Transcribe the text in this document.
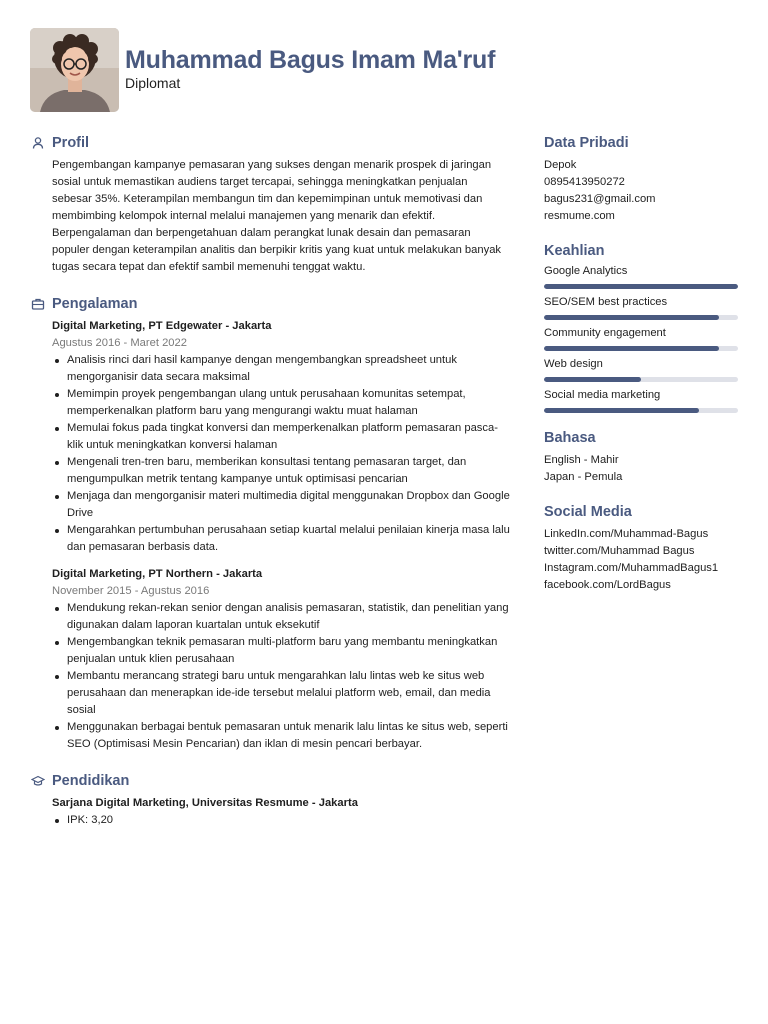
Muhammad Bagus Imam Ma'ruf
Diplomat
Profil

Pengembangan kampanye pemasaran yang sukses dengan menarik prospek di jaringan sosial untuk memastikan audiens target tercapai, sehingga meningkatkan penjualan sebesar 35%. Keterampilan membangun tim dan kepemimpinan untuk memotivasi dan membimbing kelompok internal melalui manajemen yang menarik dan efektif. Berpengalaman dan berpengetahuan dalam perangkat lunak desain dan pemasaran populer dengan keterampilan analitis dan berpikir kritis yang kuat untuk melakukan banyak tugas secara tepat dan efektif sambil memenuhi tenggat waktu.

Pengalaman
Digital Marketing, PT Edgewater - Jakarta
Agustus 2016 - Maret 2022
Analisis rinci dari hasil kampanye dengan mengembangkan spreadsheet untuk mengorganisir data secara maksimal
Memimpin proyek pengembangan ulang untuk perusahaan komunitas setempat, memperkenalkan platform baru yang mengurangi waktu muat halaman
Memulai fokus pada tingkat konversi dan memperkenalkan platform pemasaran pasca-klik untuk meningkatkan konversi halaman
Mengenali tren-tren baru, memberikan konsultasi tentang pemasaran target, dan mengumpulkan metrik tentang kampanye untuk optimisasi pencarian
Menjaga dan mengorganisir materi multimedia digital menggunakan Dropbox dan Google Drive
Mengarahkan pertumbuhan perusahaan setiap kuartal melalui penilaian kinerja masa lalu dan pemasaran berbasis data.
Digital Marketing, PT Northern - Jakarta
November 2015 - Agustus 2016
Mendukung rekan-rekan senior dengan analisis pemasaran, statistik, dan penelitian yang digunakan dalam laporan kuartalan untuk eksekutif
Mengembangkan teknik pemasaran multi-platform baru yang membantu meningkatkan penjualan untuk klien perusahaan
Membantu merancang strategi baru untuk mengarahkan lalu lintas web ke situs web perusahaan dan menerapkan ide-ide tersebut melalui platform web, email, dan media sosial
Menggunakan berbagai bentuk pemasaran untuk menarik lalu lintas ke situs web, seperti SEO (Optimisasi Mesin Pencarian) dan iklan di mesin pencari berbayar.
Pendidikan
Sarjana Digital Marketing, Universitas Resmume - Jakarta
IPK: 3,20
Data Pribadi
Depok
0895413950272
bagus231@gmail.com
resmume.com
Keahlian
Google Analytics
SEO/SEM best practices
Community engagement
Web design
Social media marketing
Bahasa
English - Mahir
Japan - Pemula
Social Media
LinkedIn.com/Muhammad-Bagus
twitter.com/Muhammad Bagus
Instagram.com/MuhammadBagus1
facebook.com/LordBagus
